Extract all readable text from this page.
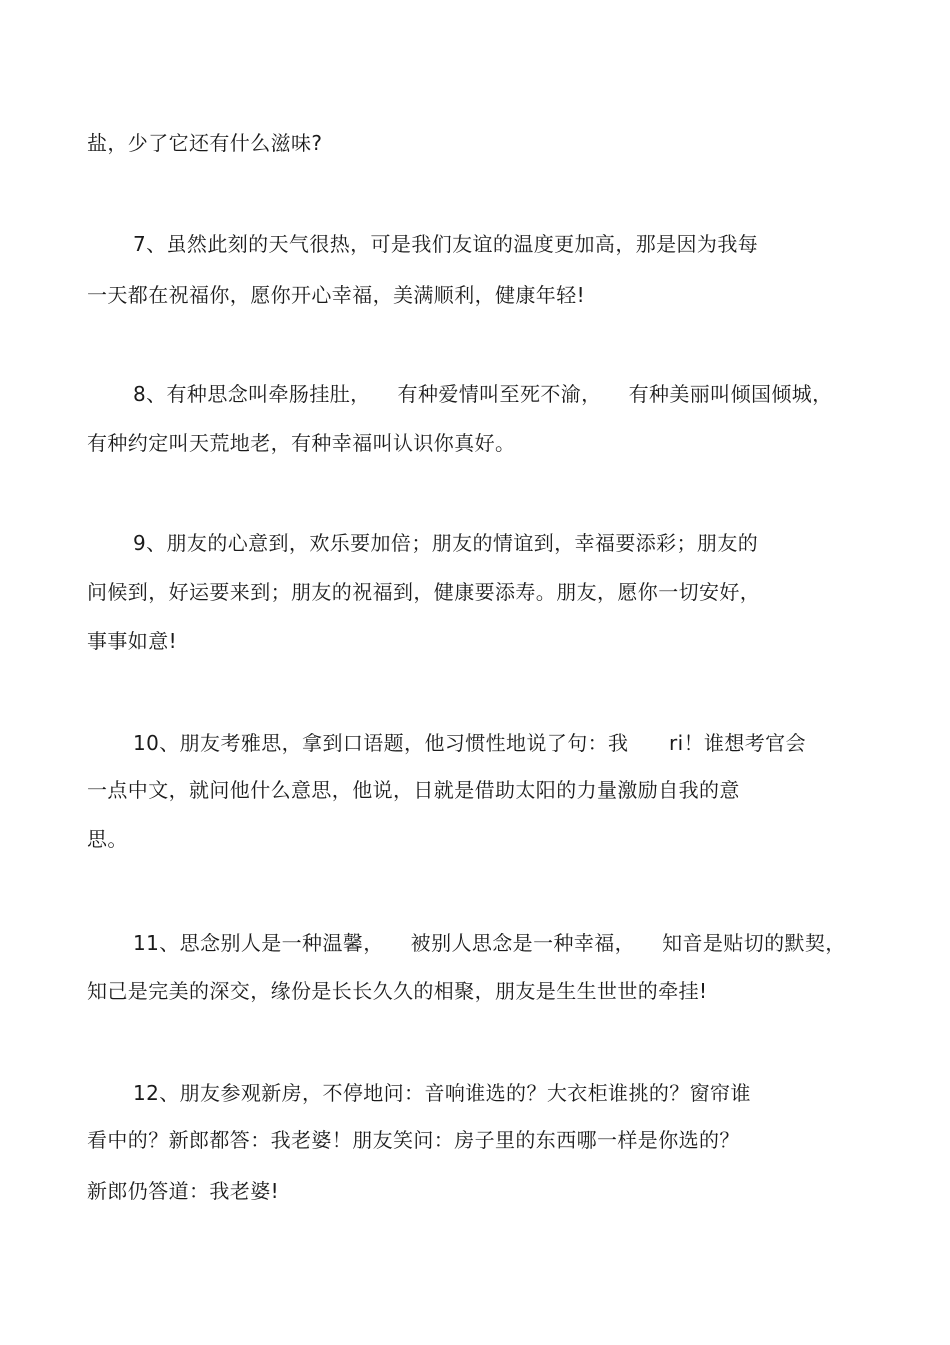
盐，少了它还有什么滋味?
7、虽然此刻的天气很热，可是我们友谊的温度更加高，那是因为我每
一天都在祝福你，愿你开心幸福，美满顺利，健康年轻!
8、有种思念叫牵肠挂肚，    有种爱情叫至死不渝，    有种美丽叫倾国倾城，
有种约定叫天荒地老，有种幸福叫认识你真好。
9、朋友的心意到，欢乐要加倍；朋友的情谊到，幸福要添彩；朋友的
问候到，好运要来到；朋友的祝福到，健康要添寿。朋友，愿你一切安好，
事事如意!
10、朋友考雅思，拿到口语题，他习惯性地说了句：我      ri！谁想考官会
一点中文，就问他什么意思，他说，日就是借助太阳的力量激励自我的意
思。
11、思念别人是一种温馨，    被别人思念是一种幸福，    知音是贴切的默契，
知己是完美的深交，缘份是长长久久的相聚，朋友是生生世世的牵挂!
12、朋友参观新房，不停地问：音响谁选的？大衣柜谁挑的？窗帘谁
看中的？新郎都答：我老婆！朋友笑问：房子里的东西哪一样是你选的？
新郎仍答道：我老婆!
